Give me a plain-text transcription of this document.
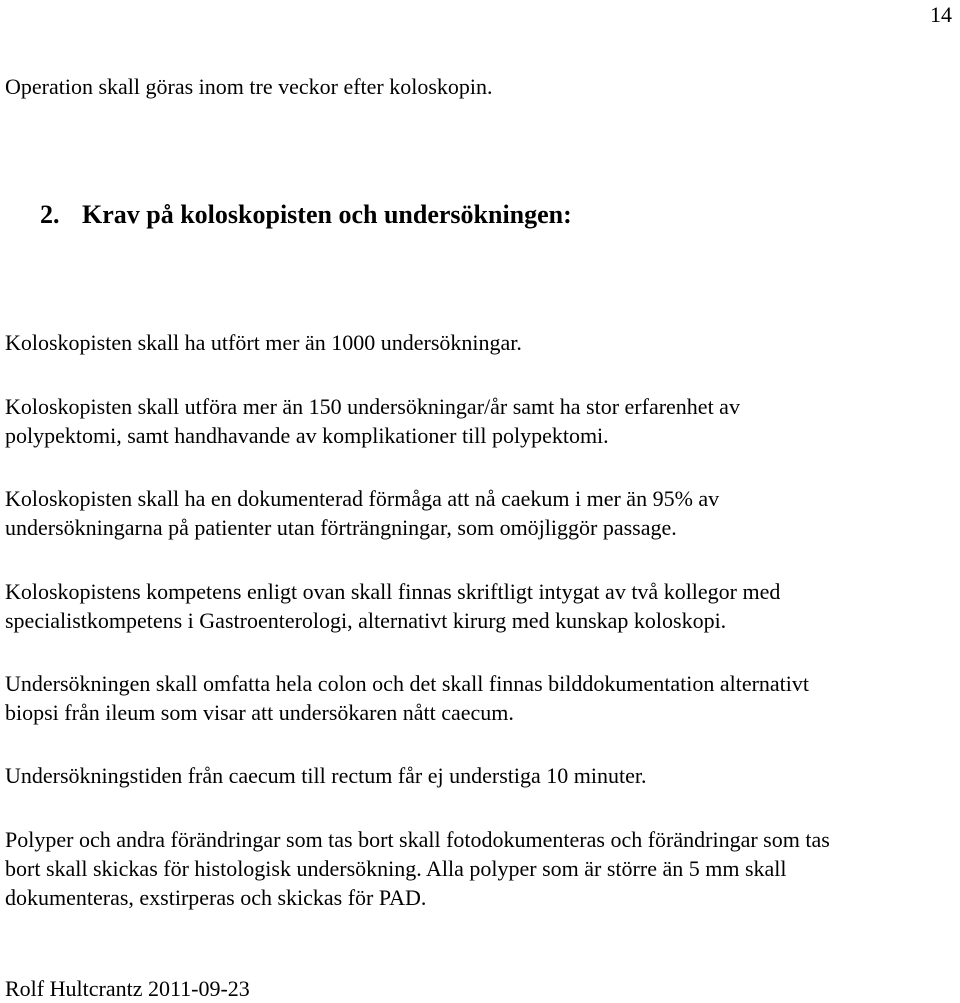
14
Operation skall göras inom tre veckor efter koloskopin.
2. Krav på koloskopisten och undersökningen:
Koloskopisten skall ha utfört mer än 1000 undersökningar.
Koloskopisten skall utföra mer än 150 undersökningar/år samt ha stor erfarenhet av
polypektomi, samt handhavande av komplikationer till polypektomi.
Koloskopisten skall ha en dokumenterad förmåga att nå caekum i mer än 95% av
undersökningarna på patienter utan förträngningar, som omöjliggör passage.
Koloskopistens kompetens enligt ovan skall finnas skriftligt intygat av två kollegor med
specialistkompetens i Gastroenterologi, alternativt kirurg med kunskap koloskopi.
Undersökningen skall omfatta hela colon och det skall finnas bilddokumentation alternativt
biopsi från ileum som visar att undersökaren nått caecum.
Undersökningstiden från caecum till rectum får ej understiga 10 minuter.
Polyper och andra förändringar som tas bort skall fotodokumenteras och förändringar som tas
bort skall skickas för histologisk undersökning. Alla polyper som är större än 5 mm skall
dokumenteras, exstirperas och skickas för PAD.
Rolf Hultcrantz 2011-09-23
